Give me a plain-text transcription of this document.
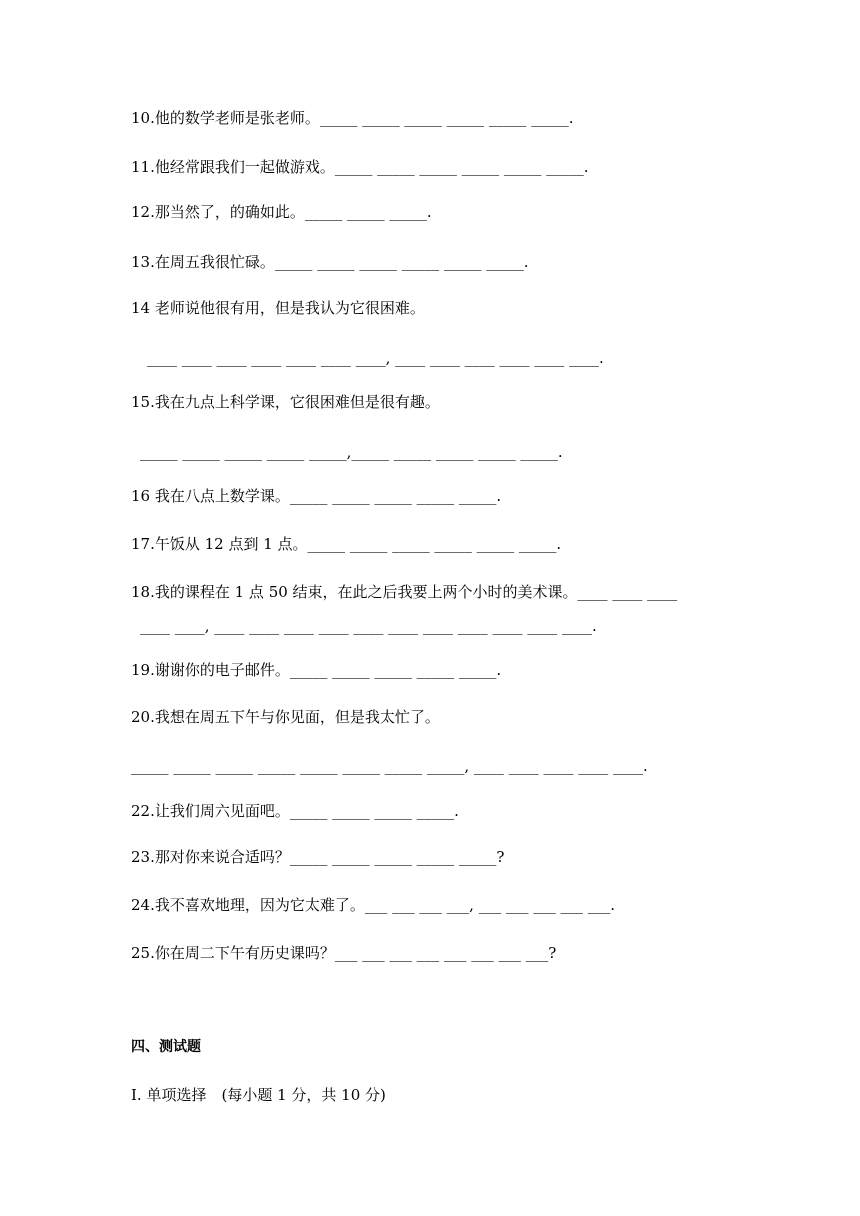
10.他的数学老师是张老师。_____ _____ _____ _____ _____ _____.
11.他经常跟我们一起做游戏。_____ _____ _____ _____ _____ _____.
12.那当然了，的确如此。_____ _____ _____.
13.在周五我很忙碌。_____ _____ _____ _____ _____ _____.
14 老师说他很有用，但是我认为它很困难。
____ ____ ____ ____ ____ ____ ____, ____ ____ ____ ____ ____ ____.
15.我在九点上科学课，它很困难但是很有趣。
_____ _____ _____ _____ _____,_____ _____ _____ _____ _____.
16 我在八点上数学课。_____ _____ _____ _____ _____.
17.午饭从 12 点到 1 点。_____ _____ _____ _____ _____ _____.
18.我的课程在 1 点 50 结束，在此之后我要上两个小时的美术课。____ ____ ____
____ ____, ____ ____ ____ ____ ____ ____ ____ ____ ____ ____ ____.
19.谢谢你的电子邮件。_____ _____ _____ _____ _____.
20.我想在周五下午与你见面，但是我太忙了。
_____ _____ _____ _____ _____ _____ _____ _____, ____ ____ ____ ____ ____.
22.让我们周六见面吧。_____ _____ _____ _____.
23.那对你来说合适吗？_____ _____ _____ _____ _____?
24.我不喜欢地理，因为它太难了。___ ___ ___ ___, ___ ___ ___ ___ ___.
25.你在周二下午有历史课吗？___ ___ ___ ___ ___ ___ ___ ___?
四、测试题
Ⅰ. 单项选择　(每小题 1 分，共 10 分)
